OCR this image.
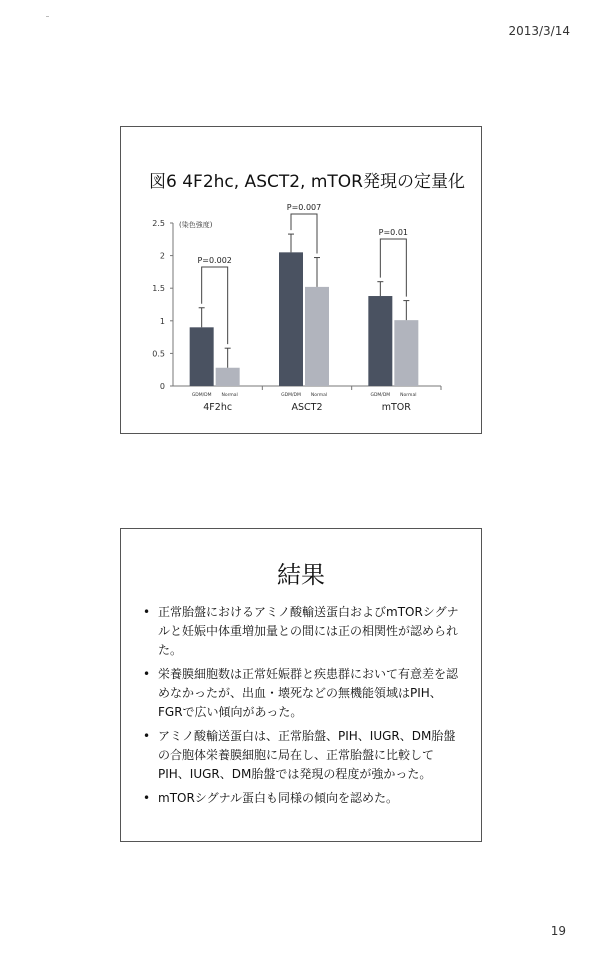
2013/3/14
0
0.5
1
1.5
2
2.5 (染色強度)
GDM/DM Normal
4F2hc
P=0.002
GDM/DM Normal
ASCT2
P=0.007
GDM/DM Normal
mTOR
P=0.01
図6 4F2hc, ASCT2, mTOR発現の定量化
結果
• 正常胎盤におけるアミノ酸輸送蛋白およびmTORシグナルと妊娠中体重増加量との間には正の相関性が認められた。
• 栄養膜細胞数は正常妊娠群と疾患群において有意差を認めなかったが、出血・壊死などの無機能領域はPIH、FGRで広い傾向があった。
• アミノ酸輸送蛋白は、正常胎盤、PIH、IUGR、DM胎盤の合胞体栄養膜細胞に局在し、正常胎盤に比較してPIH、IUGR、DM胎盤では発現の程度が強かった。
• mTORシグナル蛋白も同様の傾向を認めた。
19
